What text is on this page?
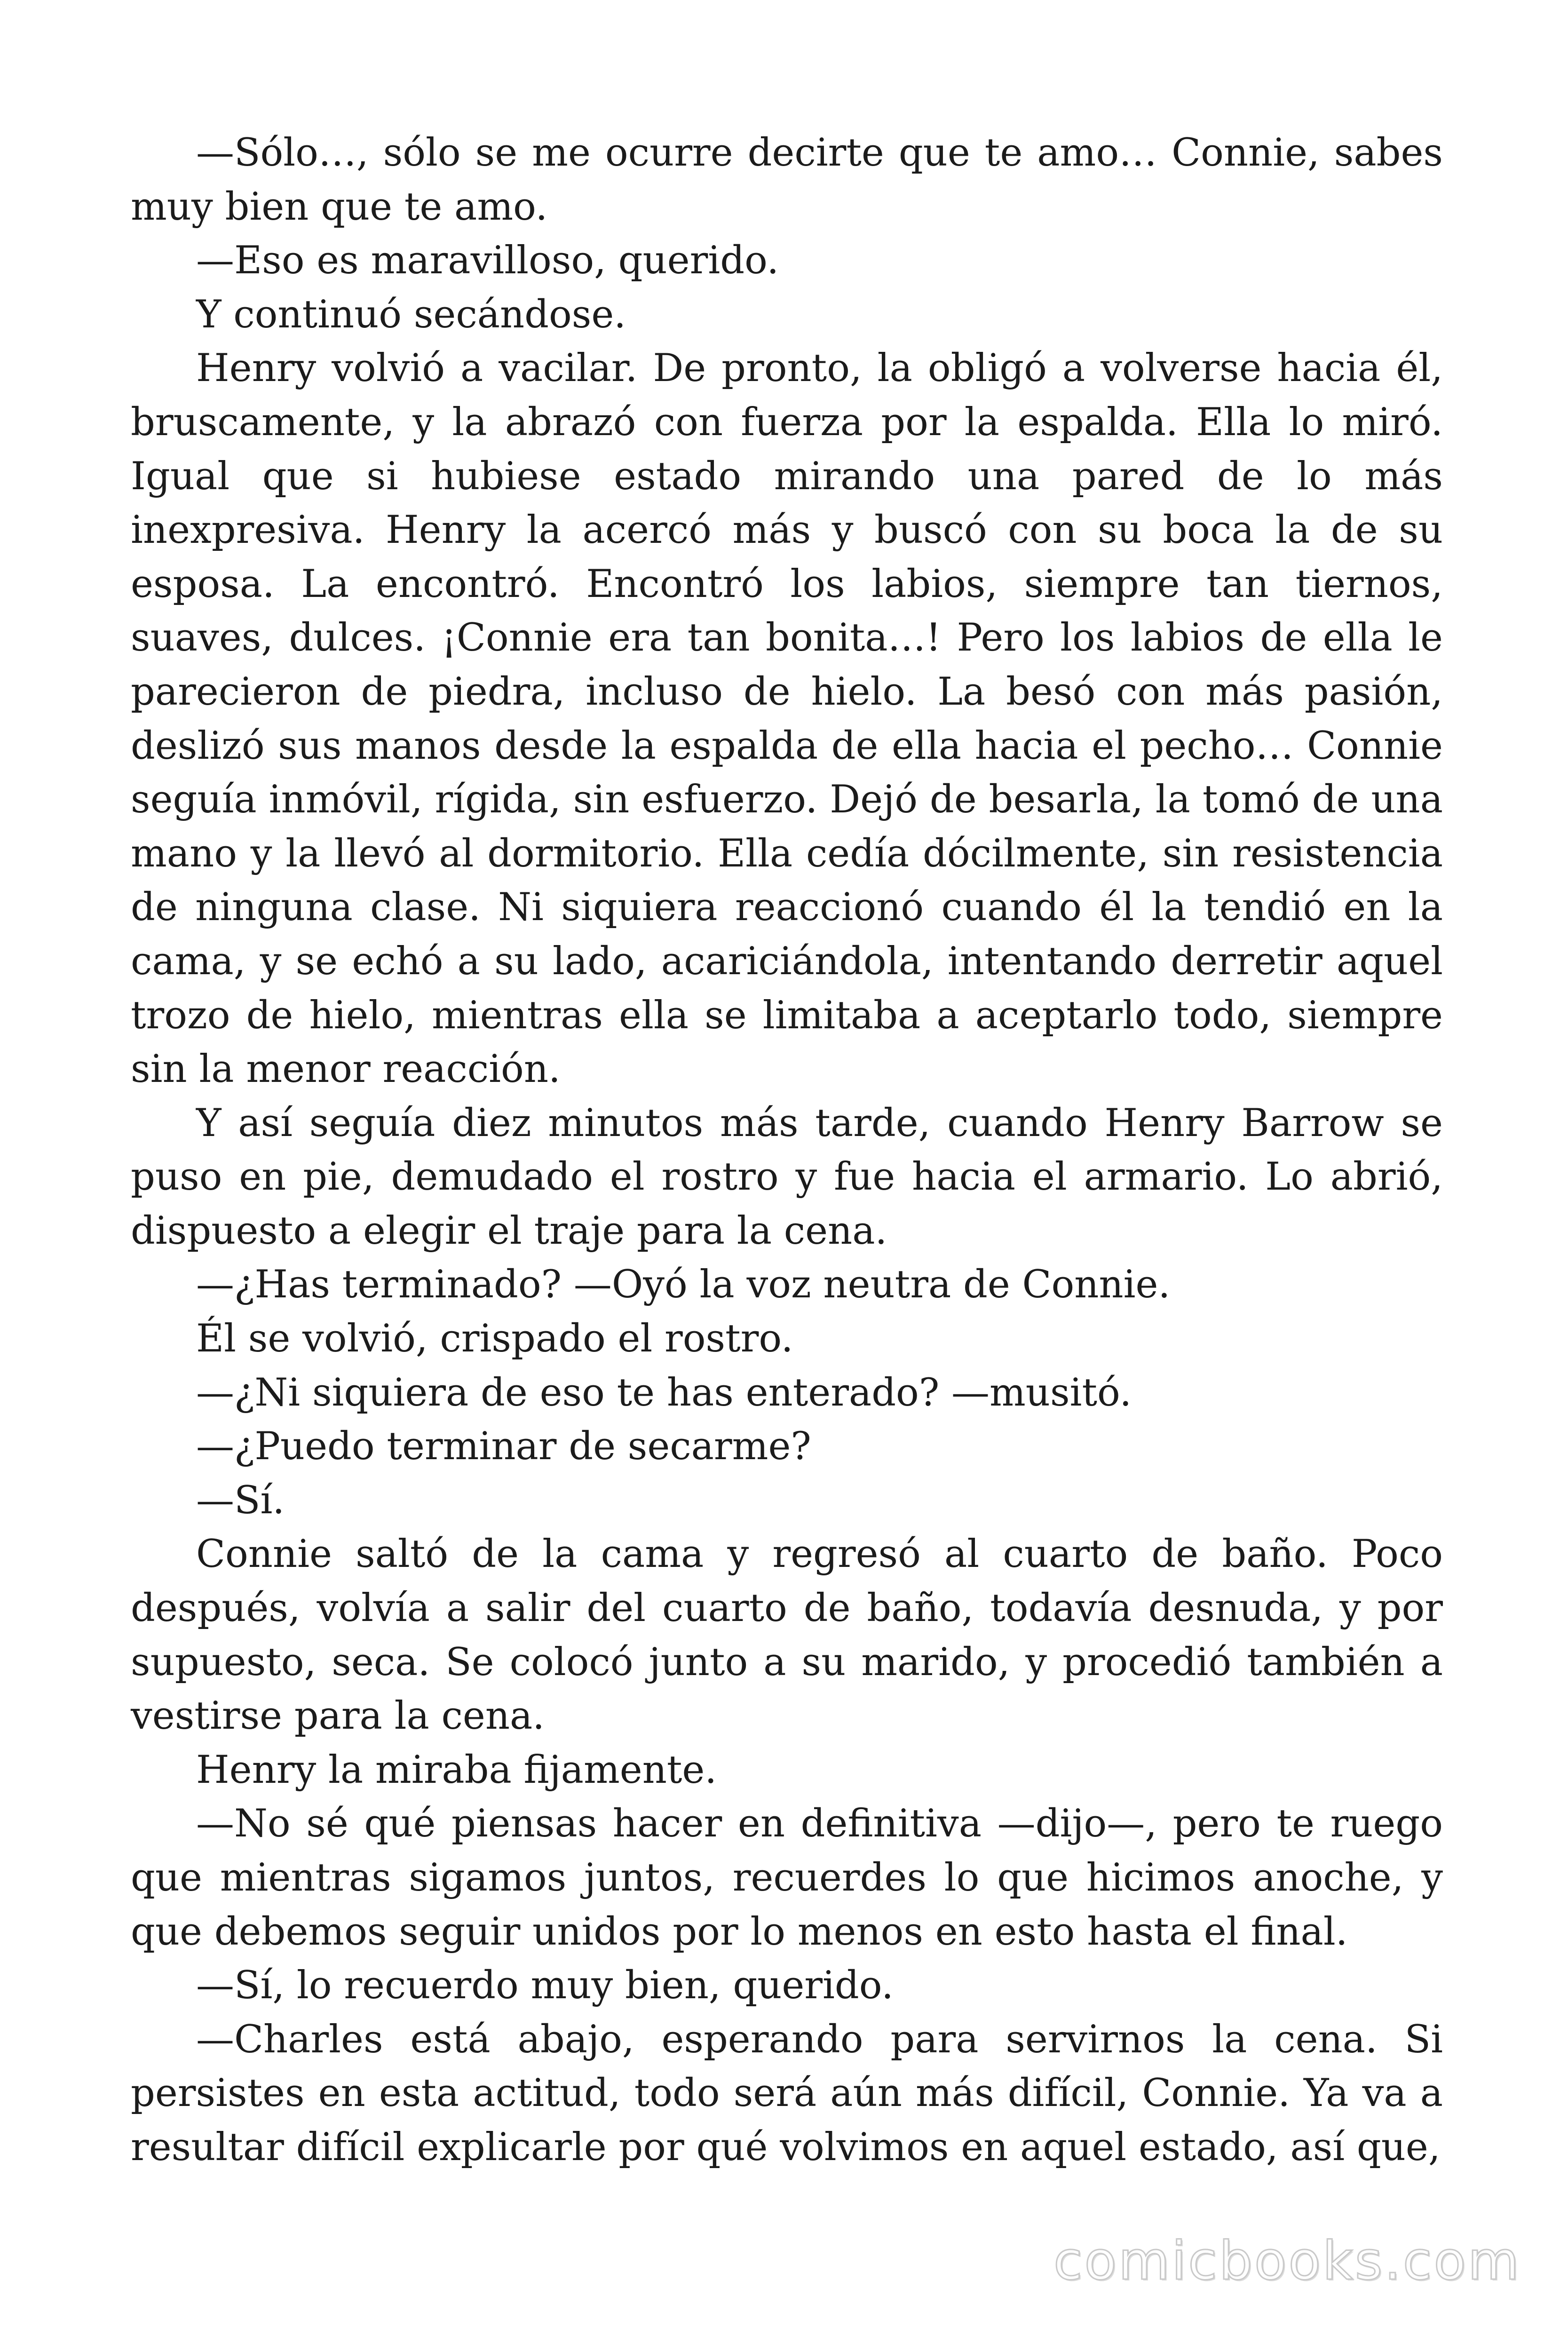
—Sólo…, sólo se me ocurre decirte que te amo… Connie, sabes muy bien que te amo.

—Eso es maravilloso, querido.

Y continuó secándose.

Henry volvió a vacilar. De pronto, la obligó a volverse hacia él, bruscamente, y la abrazó con fuerza por la espalda. Ella lo miró. Igual que si hubiese estado mirando una pared de lo más inexpresiva. Henry la acercó más y buscó con su boca la de su esposa. La encontró. Encontró los labios, siempre tan tiernos, suaves, dulces. ¡Connie era tan bonita…! Pero los labios de ella le parecieron de piedra, incluso de hielo. La besó con más pasión, deslizó sus manos desde la espalda de ella hacia el pecho… Connie seguía inmóvil, rígida, sin esfuerzo. Dejó de besarla, la tomó de una mano y la llevó al dormitorio. Ella cedía dócilmente, sin resistencia de ninguna clase. Ni siquiera reaccionó cuando él la tendió en la cama, y se echó a su lado, acariciándola, intentando derretir aquel trozo de hielo, mientras ella se limitaba a aceptarlo todo, siempre sin la menor reacción.

Y así seguía diez minutos más tarde, cuando Henry Barrow se puso en pie, demudado el rostro y fue hacia el armario. Lo abrió, dispuesto a elegir el traje para la cena.

—¿Has terminado? —Oyó la voz neutra de Connie.

Él se volvió, crispado el rostro.

—¿Ni siquiera de eso te has enterado? —musitó.

—¿Puedo terminar de secarme?

—Sí.

Connie saltó de la cama y regresó al cuarto de baño. Poco después, volvía a salir del cuarto de baño, todavía desnuda, y por supuesto, seca. Se colocó junto a su marido, y procedió también a vestirse para la cena.

Henry la miraba fijamente.

—No sé qué piensas hacer en definitiva —dijo—, pero te ruego que mientras sigamos juntos, recuerdes lo que hicimos anoche, y que debemos seguir unidos por lo menos en esto hasta el final.

—Sí, lo recuerdo muy bien, querido.

—Charles está abajo, esperando para servirnos la cena. Si persistes en esta actitud, todo será aún más difícil, Connie. Ya va a resultar difícil explicarle por qué volvimos en aquel estado, así que,

comicbooks.com
